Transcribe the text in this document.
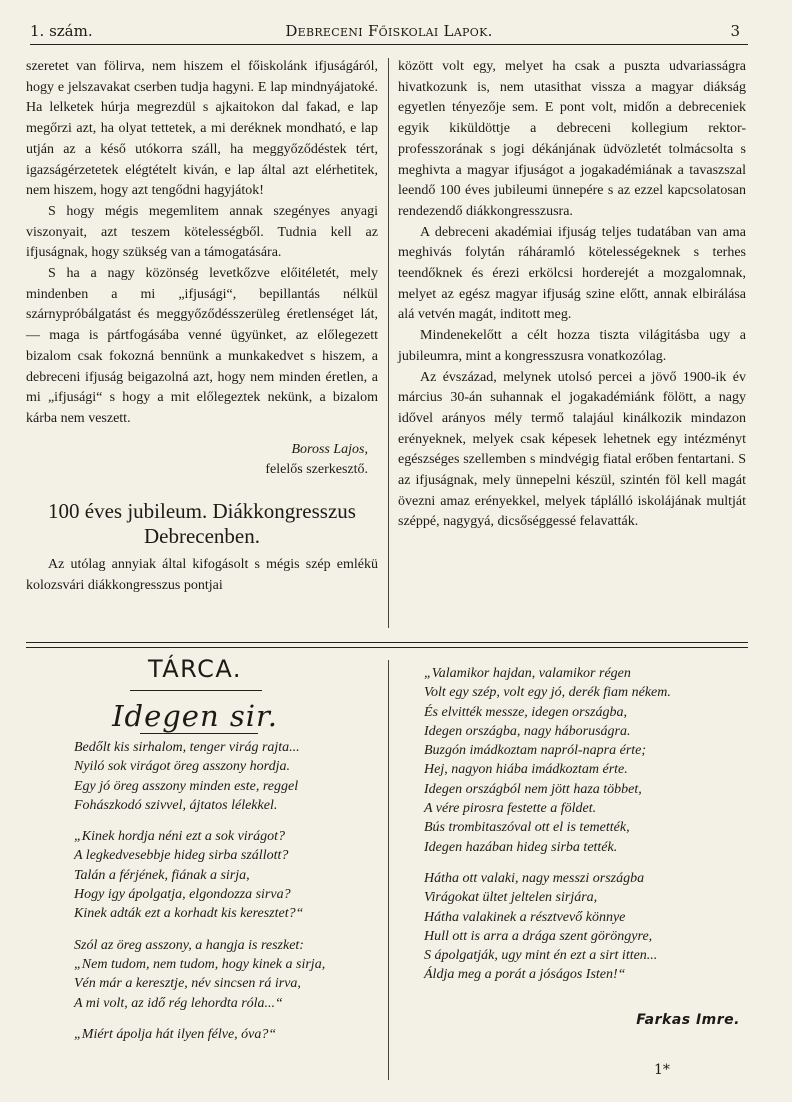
1. szám.	Debreceni Főiskolai Lapok.	3

szeretet van fölirva, nem hiszem el főiskolánk ifjuságáról, hogy e jelszavakat cserben tudja hagyni. E lap mindnyájatoké. Ha lelketek húrja megrezdül s ajkaitokon dal fakad, e lap megőrzi azt, ha olyat tettetek, a mi deréknek mondható, e lap utján az a késő utókorra száll, ha meggyőződéstek tért, igazságérzetetek elégtételt kiván, e lap által azt elérhetitek, nem hiszem, hogy azt tengődni hagyjátok!

S hogy mégis megemlitem annak szegényes anyagi viszonyait, azt teszem kötelességből. Tudnia kell az ifjuságnak, hogy szükség van a támogatására.

S ha a nagy közönség levetkőzve előitéletét, mely mindenben a mi „ifjusági“, bepillantás nélkül szárnypróbálgatást és meggyőződésszerüleg éretlenséget lát, — maga is pártfogásába venné ügyünket, az előlegezett bizalom csak fokozná bennünk a munkakedvet s hiszem, a debreceni ifjuság beigazolná azt, hogy nem minden éretlen, a mi „ifjusági“ s hogy a mit előlegeztek nekünk, a bizalom kárba nem veszett.

Boross Lajos,
felelős szerkesztő.
100 éves jubileum. Diákkongresszus
Debrecenben.

Az utólag annyiak által kifogásolt s mégis szép emlékü kolozsvári diákkongresszus pontjai

között volt egy, melyet ha csak a puszta udvariasságra hivatkozunk is, nem utasithat vissza a magyar diákság egyetlen tényezője sem. E pont volt, midőn a debreceniek egyik kiküldöttje a debreceni kollegium rektor-professzorának s jogi dékánjának üdvözletét tolmácsolta s meghivta a magyar ifjuságot a jogakadémiának a tavaszszal leendő 100 éves jubileumi ünnepére s az ezzel kapcsolatosan rendezendő diákkongresszusra.

A debreceni akadémiai ifjuság teljes tudatában van ama meghivás folytán ráháramló kötelességeknek s terhes teendőknek és érezi erkölcsi horderejét a mozgalomnak, melyet az egész magyar ifjuság szine előtt, annak elbirálása alá vetvén magát, inditott meg.

Mindenekelőtt a célt hozza tiszta világitásba ugy a jubileumra, mint a kongresszusra vonatkozólag.

Az évszázad, melynek utolsó percei a jövő 1900-ik év március 30-án suhannak el jogakadémiánk fölött, a nagy idővel arányos mély termő talajául kinálkozik mindazon erényeknek, melyek csak képesek lehetnek egy intézményt egészséges szellemben s mindvégig fiatal erőben fentartani. S az ifjuságnak, mely ünnepelni készül, szintén föl kell magát övezni amaz erényekkel, melyek táplálló iskolájának multját széppé, nagygyá, dicsőséggessé felavatták.

TÁRCA.
Idegen sir.
Bedőlt kis sirhalom, tenger virág rajta...
Nyiló sok virágot öreg asszony hordja.
Egy jó öreg asszony minden este, reggel
Fohászkodó szivvel, ájtatos lélekkel.
„Kinek hordja néni ezt a sok virágot?
A legkedvesebbje hideg sirba szállott?
Talán a férjének, fiának a sirja,
Hogy igy ápolgatja, elgondozza sirva?
Kinek adták ezt a korhadt kis keresztet?“
Szól az öreg asszony, a hangja is reszket:
„Nem tudom, nem tudom, hogy kinek a sirja,
Vén már a keresztje, név sincsen rá irva,
A mi volt, az idő rég lehordta róla...“
„Miért ápolja hát ilyen félve, óva?“
„Valamikor hajdan, valamikor régen
Volt egy szép, volt egy jó, derék fiam nékem.
És elvitték messze, idegen országba,
Idegen országba, nagy háboruságra.
Buzgón imádkoztam napról-napra érte;
Hej, nagyon hiába imádkoztam érte.
Idegen országból nem jött haza többet,
A vére pirosra festette a földet.
Bús trombitaszóval ott el is temették,
Idegen hazában hideg sirba tették.
Hátha ott valaki, nagy messzi országba
Virágokat ültet jeltelen sirjára,
Hátha valakinek a résztvevő könnye
Hull ott is arra a drága szent göröngyre,
S ápolgatják, ugy mint én ezt a sirt itten...
Áldja meg a porát a jóságos Isten!“
Farkas Imre.
1*
